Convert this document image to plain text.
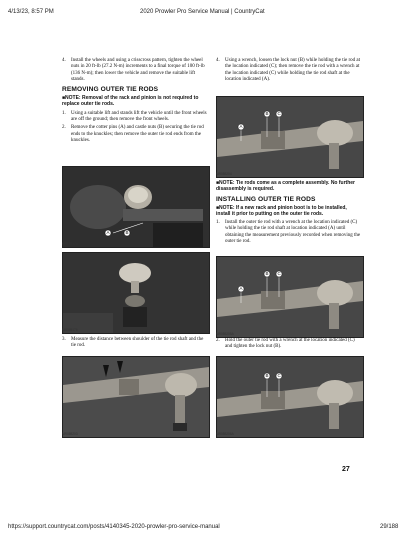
4/13/23, 8:57 PM	2020 Prowler Pro Service Manual | CountryCat
4.	Install the wheels and using a crisscross pattern, tighten the wheel nuts in 20 ft-lb (27.2 N-m) increments to a final torque of 100 ft-lb (136 N-m); then lower the vehicle and remove the suitable lift stands.
REMOVING OUTER TIE RODS
■NOTE: Removal of the rack and pinion is not required to replace outer tie rods.
1.	Using a suitable lift and stands lift the vehicle until the front wheels are off the ground; then remove the front wheels.
2.	Remove the cotter pins (A) and castle nuts (B) securing the tie rod ends to the knuckles; then remove the outer tie rod ends from the knuckles.
A	B
MR089174
MR089176
3.	Measure the distance between shoulder of the tie rod shaft and the tie rod.
MR089203
4.	Using a wrench, loosen the lock nut (B) while holding the tie rod at the location indicated (C); then remove the tie rod with a wrench at the location indicated (C) while holding the tie rod shaft at the location indicated (A).
A
B C
MR089204
■NOTE: Tie rods come as a complete assembly. No further disassembly is required.
INSTALLING OUTER TIE RODS
■NOTE: If a new rack and pinion boot is to be installed, install it prior to putting on the outer tie rods.
1.	Install the outer tie rod with a wrench at the location indicated (C) while holding the tie rod shaft at location indicated (A) until obtaining the measurement previously recorded when removing the outer tie rod.
A
B C
MR089205A
2.	Hold the outer tie rod with a wrench at the location indicated (C) and tighten the lock nut (B).
B C
MR089206A
27
https://support.countrycat.com/posts/4140345-2020-prowler-pro-service-manual	29/188
